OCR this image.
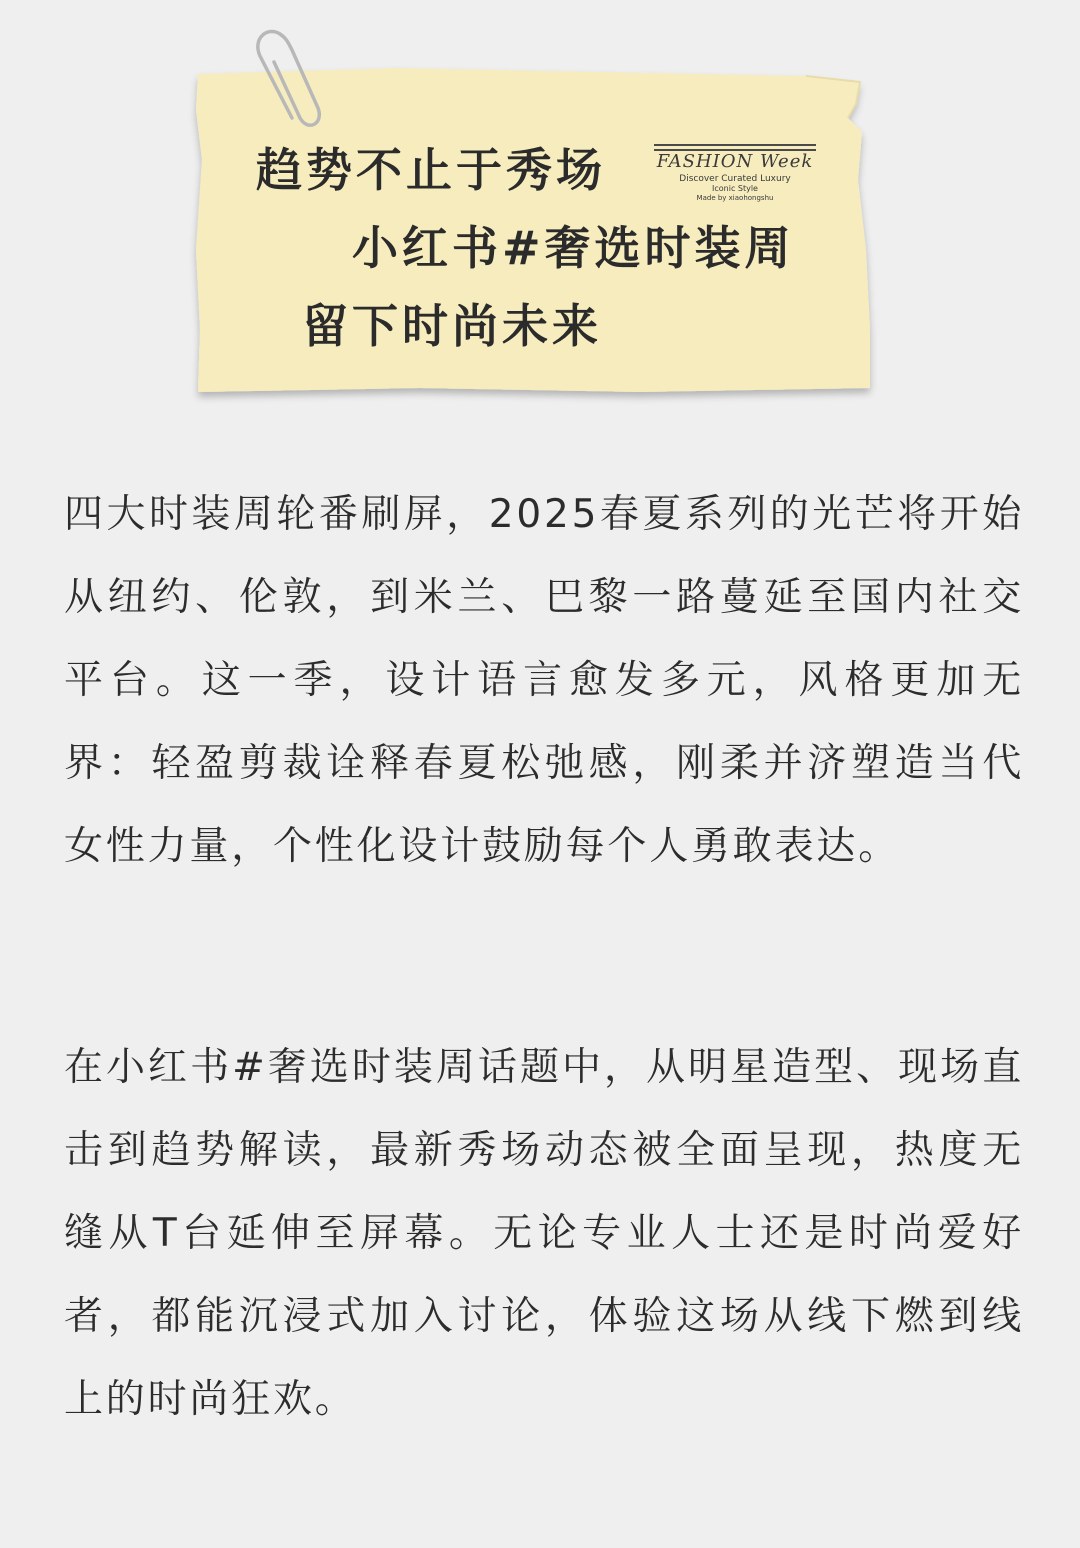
趋势不止于秀场
小红书#奢选时装周
留下时尚未来
FASHION Week
Discover Curated Luxury
Iconic Style
Made by xiaohongshu

四大时装周轮番刷屏，2025春夏系列的光芒将开始从纽约、伦敦，到米兰、巴黎一路蔓延至国内社交平台。这一季，设计语言愈发多元，风格更加无界：轻盈剪裁诠释春夏松弛感，刚柔并济塑造当代女性力量，个性化设计鼓励每个人勇敢表达。

在小红书#奢选时装周话题中，从明星造型、现场直击到趋势解读，最新秀场动态被全面呈现，热度无缝从T台延伸至屏幕。无论专业人士还是时尚爱好者，都能沉浸式加入讨论，体验这场从线下燃到线上的时尚狂欢。
